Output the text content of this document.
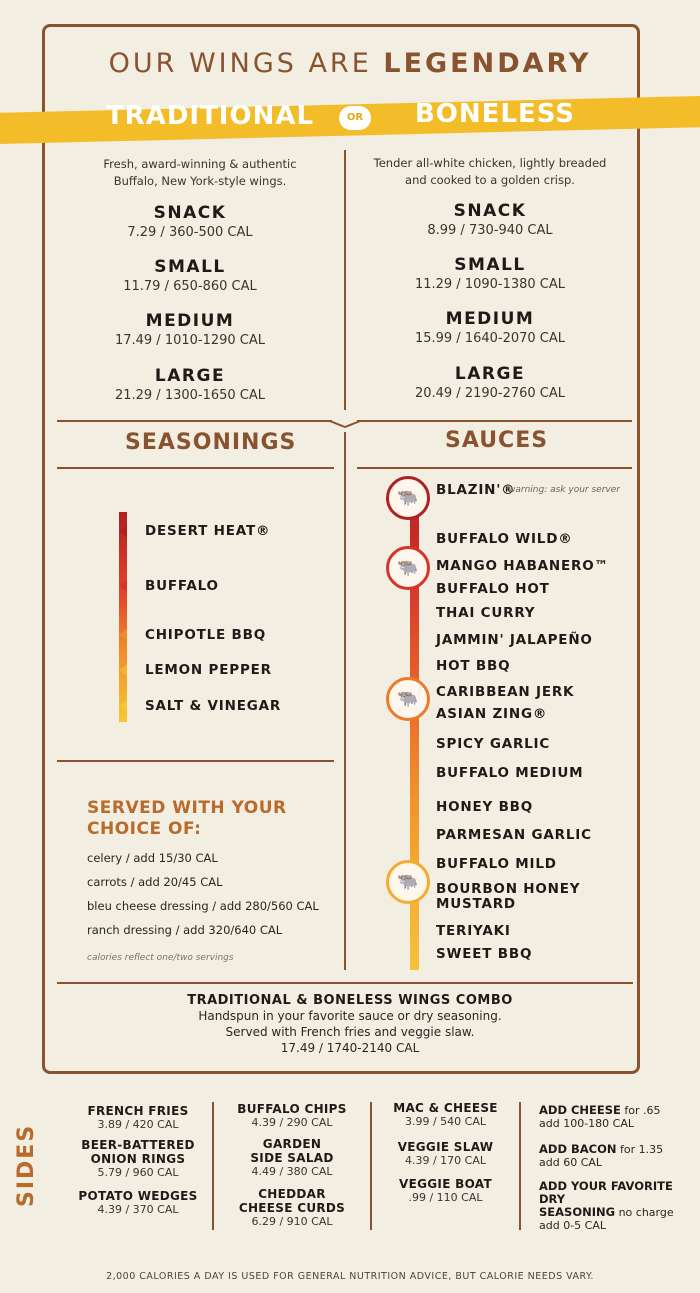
OUR WINGS ARE LEGENDARY
TRADITIONAL	OR	BONELESS
Fresh, award-winning & authentic
Buffalo, New York-style wings.
SNACK
7.29 / 360-500 CAL
SMALL
11.79 / 650-860 CAL
MEDIUM
17.49 / 1010-1290 CAL
LARGE
21.29 / 1300-1650 CAL
Tender all-white chicken, lightly breaded
and cooked to a golden crisp.
SNACK
8.99 / 730-940 CAL
SMALL
11.29 / 1090-1380 CAL
MEDIUM
15.99 / 1640-2070 CAL
LARGE
20.49 / 2190-2760 CAL
SEASONINGS	SAUCES
DESERT HEAT®
BUFFALO
CHIPOTLE BBQ
LEMON PEPPER
SALT & VINEGAR
🐃
🐃
🐃
🐃
BLAZIN'®
warning: ask your server
BUFFALO WILD®
MANGO HABANERO™
BUFFALO HOT
THAI CURRY
JAMMIN' JALAPEÑO
HOT BBQ
CARIBBEAN JERK
ASIAN ZING®
SPICY GARLIC
BUFFALO MEDIUM
HONEY BBQ
PARMESAN GARLIC
BUFFALO MILD
BOURBON HONEY
MUSTARD
TERIYAKI
SWEET BBQ
SERVED WITH YOUR
CHOICE OF:
celery / add 15/30 CAL
carrots / add 20/45 CAL
bleu cheese dressing / add 280/560 CAL
ranch dressing / add 320/640 CAL
calories reflect one/two servings
TRADITIONAL & BONELESS WINGS COMBO
Handspun in your favorite sauce or dry seasoning.
Served with French fries and veggie slaw.
17.49 / 1740-2140 CAL
SIDES
FRENCH FRIES
3.89 / 420 CAL
BEER-BATTERED
ONION RINGS
5.79 / 960 CAL
POTATO WEDGES
4.39 / 370 CAL
BUFFALO CHIPS
4.39 / 290 CAL
GARDEN
SIDE SALAD
4.49 / 380 CAL
CHEDDAR
CHEESE CURDS
6.29 / 910 CAL
MAC & CHEESE
3.99 / 540 CAL
VEGGIE SLAW
4.39 / 170 CAL
VEGGIE BOAT
.99 / 110 CAL
ADD CHEESE for .65
add 100-180 CAL
ADD BACON for 1.35
add 60 CAL
ADD YOUR FAVORITE DRY
SEASONING no charge
add 0-5 CAL
2,000 CALORIES A DAY IS USED FOR GENERAL NUTRITION ADVICE, BUT CALORIE NEEDS VARY.
